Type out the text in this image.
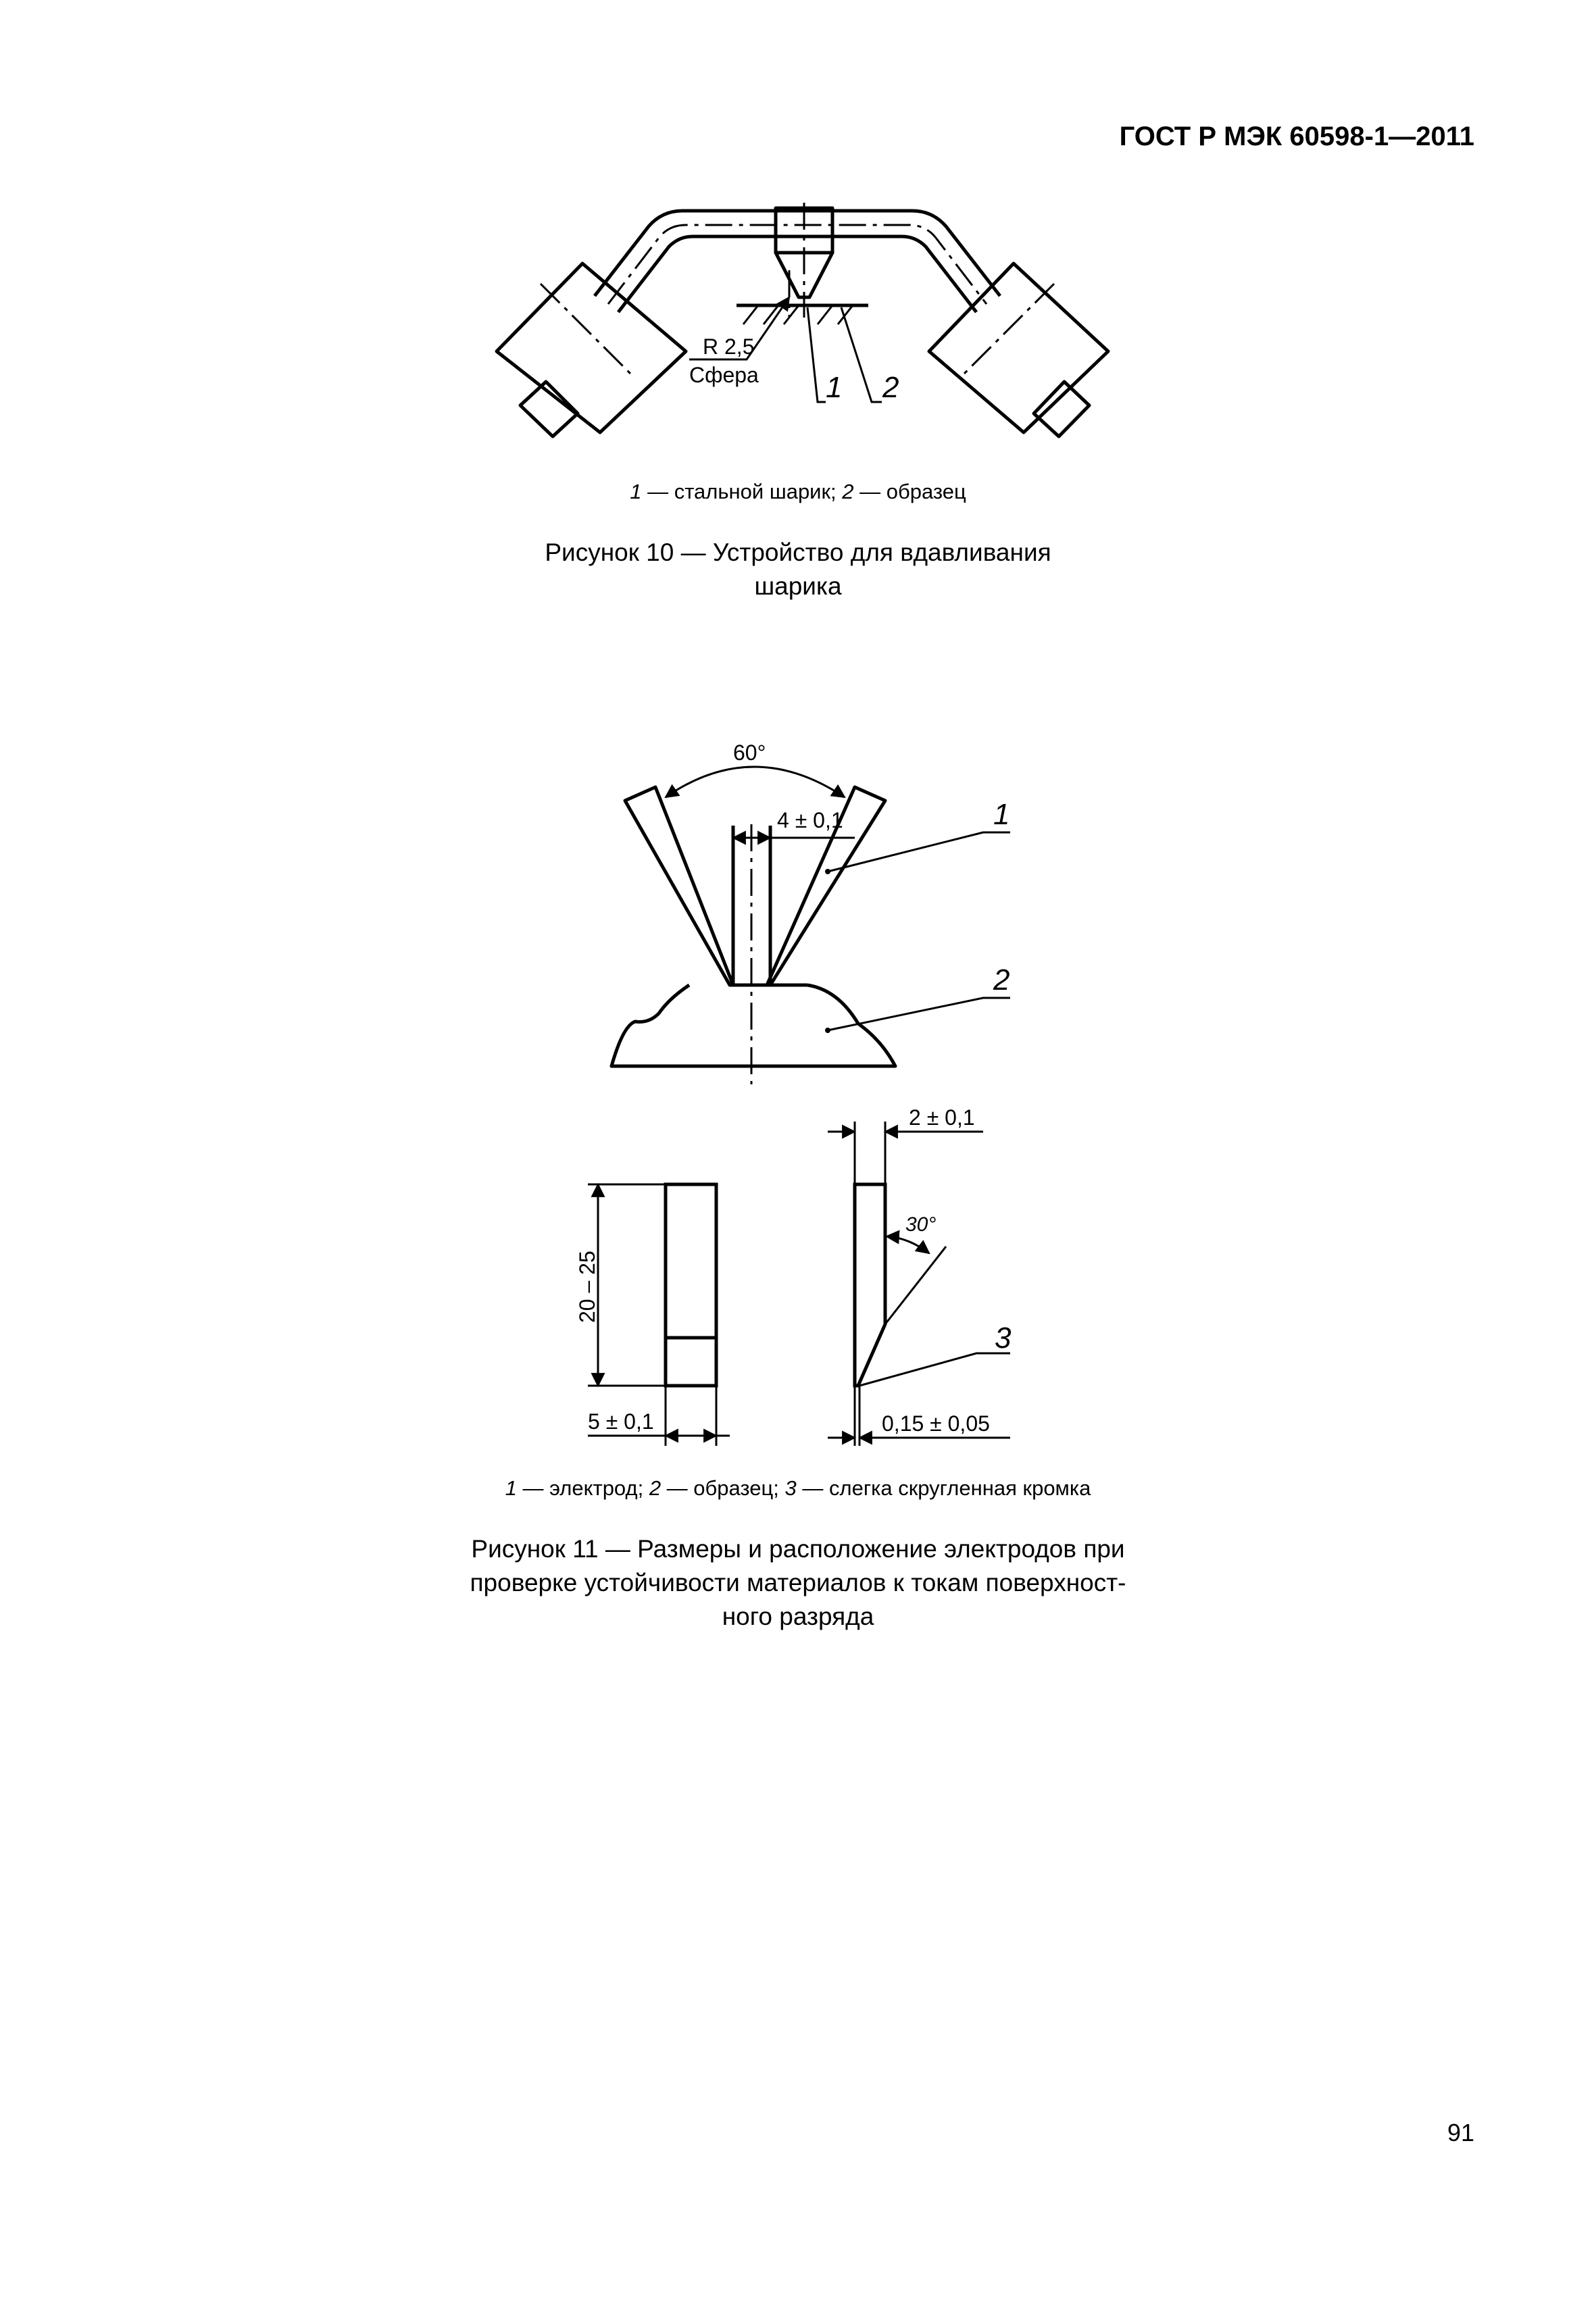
ГОСТ Р МЭК 60598-1—2011
R 2,5
Сфера 1 2
1 — стальной шарик; 2 — образец
Рисунок 10 — Устройство для вдавливания
шарика
60°
4 ± 0,1	1
2
20 – 25
5 ± 0,1
2 ± 0,1
30°
0,15 ± 0,05
3
1 — электрод; 2 — образец; 3 — слегка скругленная кромка
Рисунок 11 — Размеры и расположение электродов при
проверке устойчивости материалов к токам поверхност-
ного разряда
91
